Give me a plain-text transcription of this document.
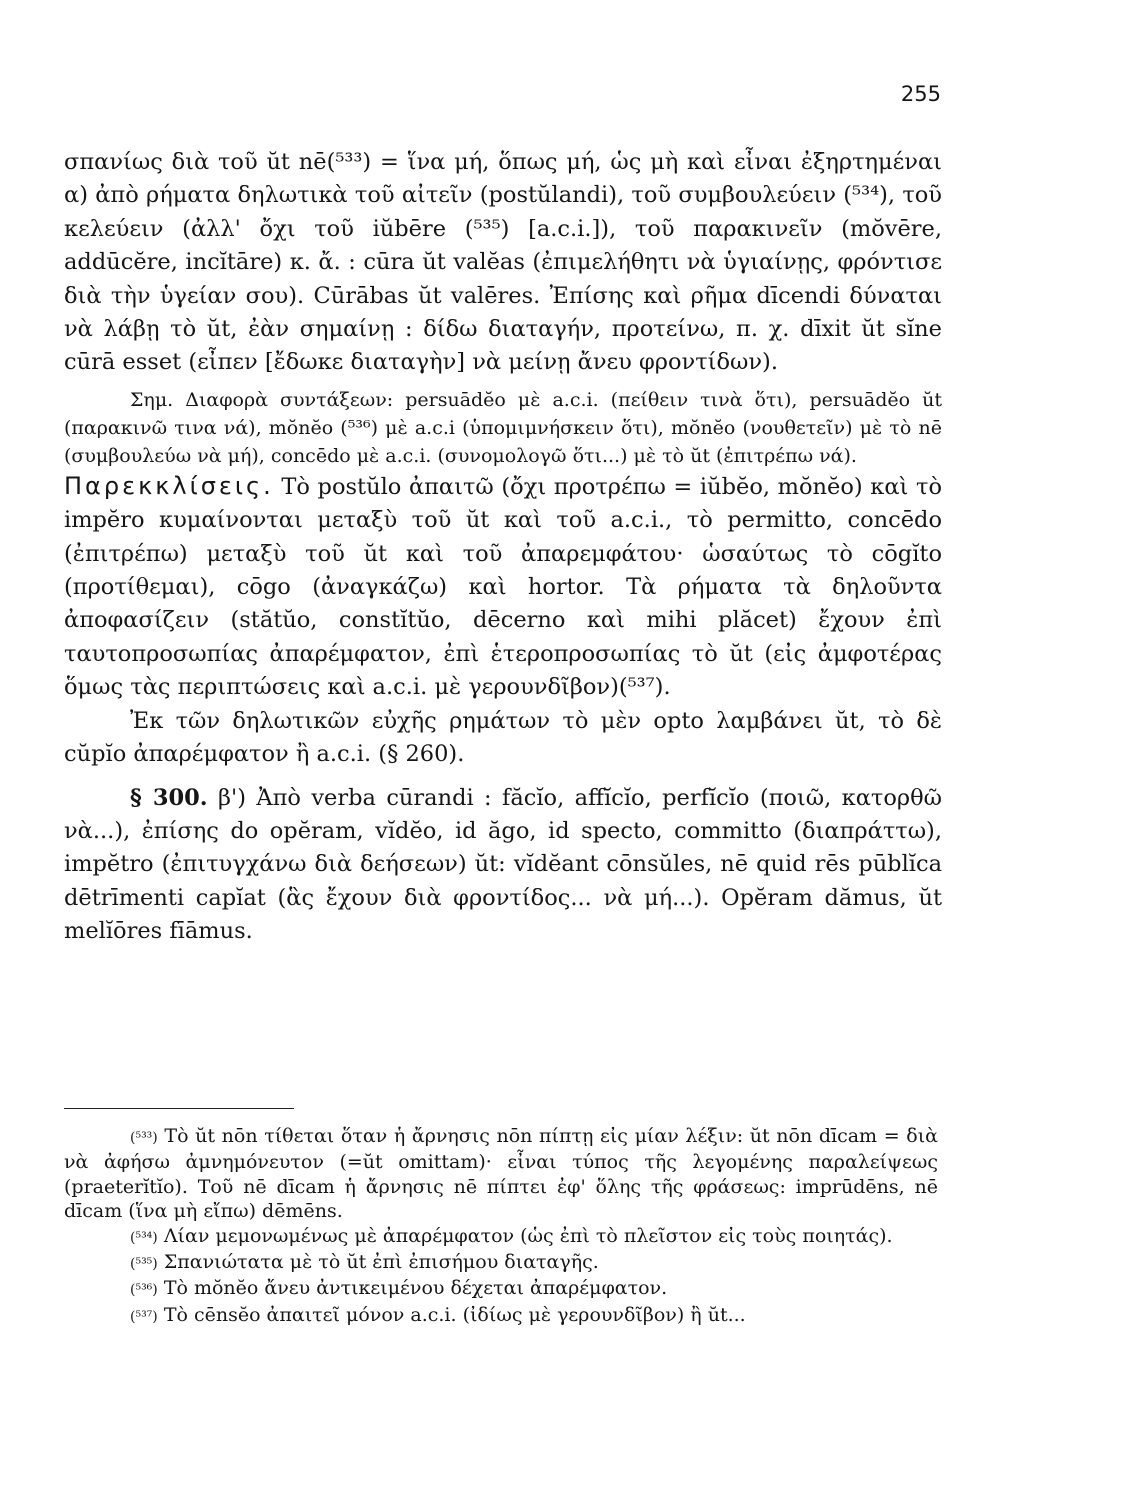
255

σπανίως διὰ τοῦ ŭt nē(⁵³³) = ἵνα μή, ὅπως μή, ὡς μὴ καὶ εἶναι ἐξηρτημέναι α) ἀπὸ ρήματα δηλωτικὰ τοῦ αἰτεῖν (postŭlandi), τοῦ συμβουλεύειν (⁵³⁴), τοῦ κελεύειν (ἀλλ' ὄχι τοῦ iŭbēre (⁵³⁵) [a.c.i.]), τοῦ παρακινεῖν (mŏvēre, addūcĕre, incĭtāre) κ. ἄ. : cūra ŭt valĕas (ἐπιμελήθητι νὰ ὑγιαίνῃς, φρόντισε διὰ τὴν ὑγείαν σου). Cūrābas ŭt valēres. Ἐπίσης καὶ ρῆμα dīcendi δύναται νὰ λάβῃ τὸ ŭt, ἐὰν σημαίνῃ : δίδω διαταγήν, προτείνω, π. χ. dīxit ŭt sĭne cūrā esset (εἶπεν [ἔδωκε διαταγὴν] νὰ μείνῃ ἄνευ φροντίδων).

Σημ. Διαφορὰ συντάξεων: persuādĕo μὲ a.c.i. (πείθειν τινὰ ὅτι), persuādĕo ŭt (παρακινῶ τινα νά), mŏnĕo (⁵³⁶) μὲ a.c.i (ὑπομιμνήσκειν ὅτι), mŏnĕo (νουθετεῖν) μὲ τὸ nē (συμβουλεύω νὰ μή), concēdo μὲ a.c.i. (συνομολογῶ ὅτι...) μὲ τὸ ŭt (ἐπιτρέπω νά).

Παρεκκλίσεις. Τὸ postŭlo ἀπαιτῶ (ὄχι προτρέπω = iŭbĕo, mŏnĕo) καὶ τὸ impĕro κυμαίνονται μεταξὺ τοῦ ŭt καὶ τοῦ a.c.i., τὸ permitto, concēdo (ἐπιτρέπω) μεταξὺ τοῦ ŭt καὶ τοῦ ἀπαρεμφάτου· ὡσαύτως τὸ cōgĭto (προτίθεμαι), cōgo (ἀναγκάζω) καὶ hortor. Τὰ ρήματα τὰ δηλοῦντα ἀποφασίζειν (stătŭo, constĭtŭo, dēcerno καὶ mihi plăcet) ἔχουν ἐπὶ ταυτοπροσωπίας ἀπαρέμφατον, ἐπὶ ἑτεροπροσωπίας τὸ ŭt (εἰς ἀμφοτέρας ὅμως τὰς περιπτώσεις καὶ a.c.i. μὲ γερουνδῖβον)(⁵³⁷).

Ἐκ τῶν δηλωτικῶν εὐχῆς ρημάτων τὸ μὲν opto λαμβάνει ŭt, τὸ δὲ cŭpĭo ἀπαρέμφατον ἢ a.c.i. (§ 260).

§ 300. β') Ἀπὸ verba cūrandi : făcĭo, affĭcĭo, perfĭcĭo (ποιῶ, κατορθῶ νὰ...), ἐπίσης do opĕram, vĭdĕo, id ăgo, id specto, committo (διαπράττω), impĕtro (ἐπιτυγχάνω διὰ δεήσεων) ŭt: vĭdĕant cōnsŭles, nē quid rēs pūblĭca dētrīmenti capĭat (ἃς ἔχουν διὰ φροντίδος... νὰ μή...). Opĕram dămus, ŭt melĭōres fīāmus.

(⁵³³) Τὸ ŭt nōn τίθεται ὅταν ἡ ἄρνησις nōn πίπτῃ εἰς μίαν λέξιν: ŭt nōn dīcam = διὰ νὰ ἀφήσω ἀμνημόνευτον (=ŭt omittam)· εἶναι τύπος τῆς λεγομένης παραλείψεως (praeterĭtĭo). Τοῦ nē dīcam ἡ ἄρνησις nē πίπτει ἐφ' ὅλης τῆς φράσεως: imprūdēns, nē dīcam (ἵνα μὴ εἴπω) dēmēns.

(⁵³⁴) Λίαν μεμονωμένως μὲ ἀπαρέμφατον (ὡς ἐπὶ τὸ πλεῖστον εἰς τοὺς ποιητάς).

(⁵³⁵) Σπανιώτατα μὲ τὸ ŭt ἐπὶ ἐπισήμου διαταγῆς.

(⁵³⁶) Τὸ mŏnĕo ἄνευ ἀντικειμένου δέχεται ἀπαρέμφατον.

(⁵³⁷) Τὸ cēnsĕo ἀπαιτεῖ μόνον a.c.i. (ἰδίως μὲ γερουνδῖβον) ἢ ŭt...
